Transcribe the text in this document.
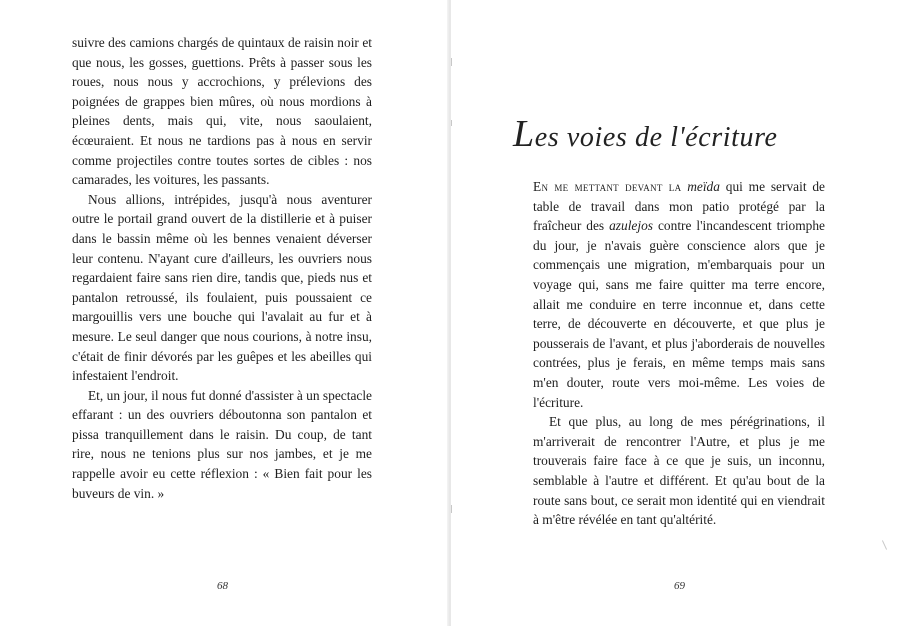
suivre des camions chargés de quintaux de raisin noir et que nous, les gosses, guettions. Prêts à passer sous les roues, nous nous y accrochions, y prélevions des poignées de grappes bien mûres, où nous mordions à pleines dents, mais qui, vite, nous saoulaient, écœuraient. Et nous ne tardions pas à nous en servir comme projectiles contre toutes sortes de cibles : nos camarades, les voitures, les passants.

Nous allions, intrépides, jusqu'à nous aventurer outre le portail grand ouvert de la distillerie et à puiser dans le bassin même où les bennes venaient déverser leur contenu. N'ayant cure d'ailleurs, les ouvriers nous regardaient faire sans rien dire, tandis que, pieds nus et pantalon retroussé, ils foulaient, puis poussaient ce margouillis vers une bouche qui l'avalait au fur et à mesure. Le seul danger que nous courions, à notre insu, c'était de finir dévorés par les guêpes et les abeilles qui infestaient l'endroit.

Et, un jour, il nous fut donné d'assister à un spectacle effarant : un des ouvriers déboutonna son pantalon et pissa tranquillement dans le raisin. Du coup, de tant rire, nous ne tenions plus sur nos jambes, et je me rappelle avoir eu cette réflexion : « Bien fait pour les buveurs de vin. »

68
Les voies de l'écriture

En me mettant devant la meïda qui me servait de table de travail dans mon patio protégé par la fraîcheur des azulejos contre l'incandescent triomphe du jour, je n'avais guère conscience alors que je commençais une migration, m'embarquais pour un voyage qui, sans me faire quitter ma terre encore, allait me conduire en terre inconnue et, dans cette terre, de découverte en découverte, et que plus je pousserais de l'avant, et plus j'aborderais de nouvelles contrées, plus je ferais, en même temps mais sans m'en douter, route vers moi-même. Les voies de l'écriture.

Et que plus, au long de mes pérégrinations, il m'arriverait de rencontrer l'Autre, et plus je me trouverais faire face à ce que je suis, un inconnu, semblable à l'autre et différent. Et qu'au bout de la route sans bout, ce serait mon identité qui en viendrait à m'être révélée en tant qu'altérité.

69
